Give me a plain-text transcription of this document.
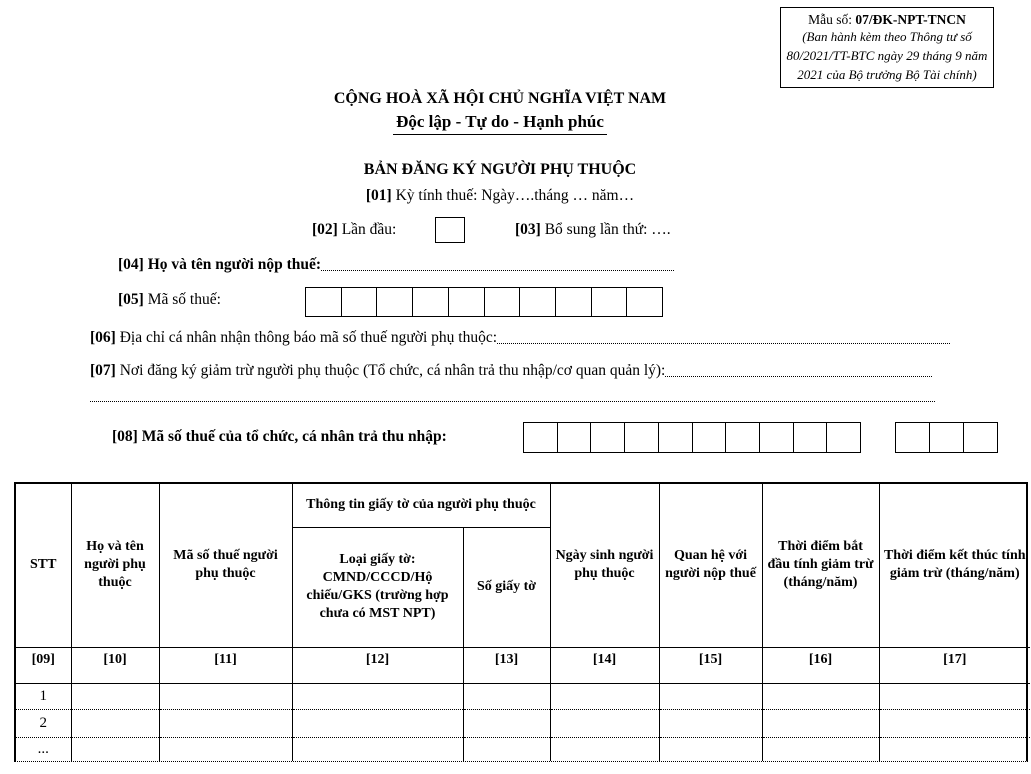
Mẫu số: 07/ĐK-NPT-TNCN
(Ban hành kèm theo Thông tư số 80/2021/TT-BTC ngày 29 tháng 9 năm 2021 của Bộ trưởng Bộ Tài chính)
CỘNG HOÀ XÃ HỘI CHỦ NGHĨA VIỆT NAM
Độc lập - Tự do - Hạnh phúc
BẢN ĐĂNG KÝ NGƯỜI PHỤ THUỘC
[01] Kỳ tính thuế: Ngày….tháng … năm…
[02] Lần đầu:	[03] Bổ sung lần thứ: ….
[04] Họ và tên người nộp thuế:
[05] Mã số thuế:
[06] Địa chỉ cá nhân nhận thông báo mã số thuế người phụ thuộc:
[07] Nơi đăng ký giảm trừ người phụ thuộc (Tổ chức, cá nhân trả thu nhập/cơ quan quản lý):
[08] Mã số thuế của tổ chức, cá nhân trả thu nhập:
STT	Họ và tên người phụ thuộc	Mã số thuế người phụ thuộc	Thông tin giấy tờ của người phụ thuộc		Ngày sinh người phụ thuộc	Quan hệ với người nộp thuế	Thời điểm bắt đầu tính giảm trừ (tháng/năm)	Thời điểm kết thúc tính giảm trừ (tháng/năm)
			Loại giấy tờ: CMND/CCCD/Hộ chiếu/GKS (trường hợp chưa có MST NPT)	Số giấy tờ				
[09]	[10]	[11]	[12]	[13]	[14]	[15]	[16]	[17]
1								
2								
...								
